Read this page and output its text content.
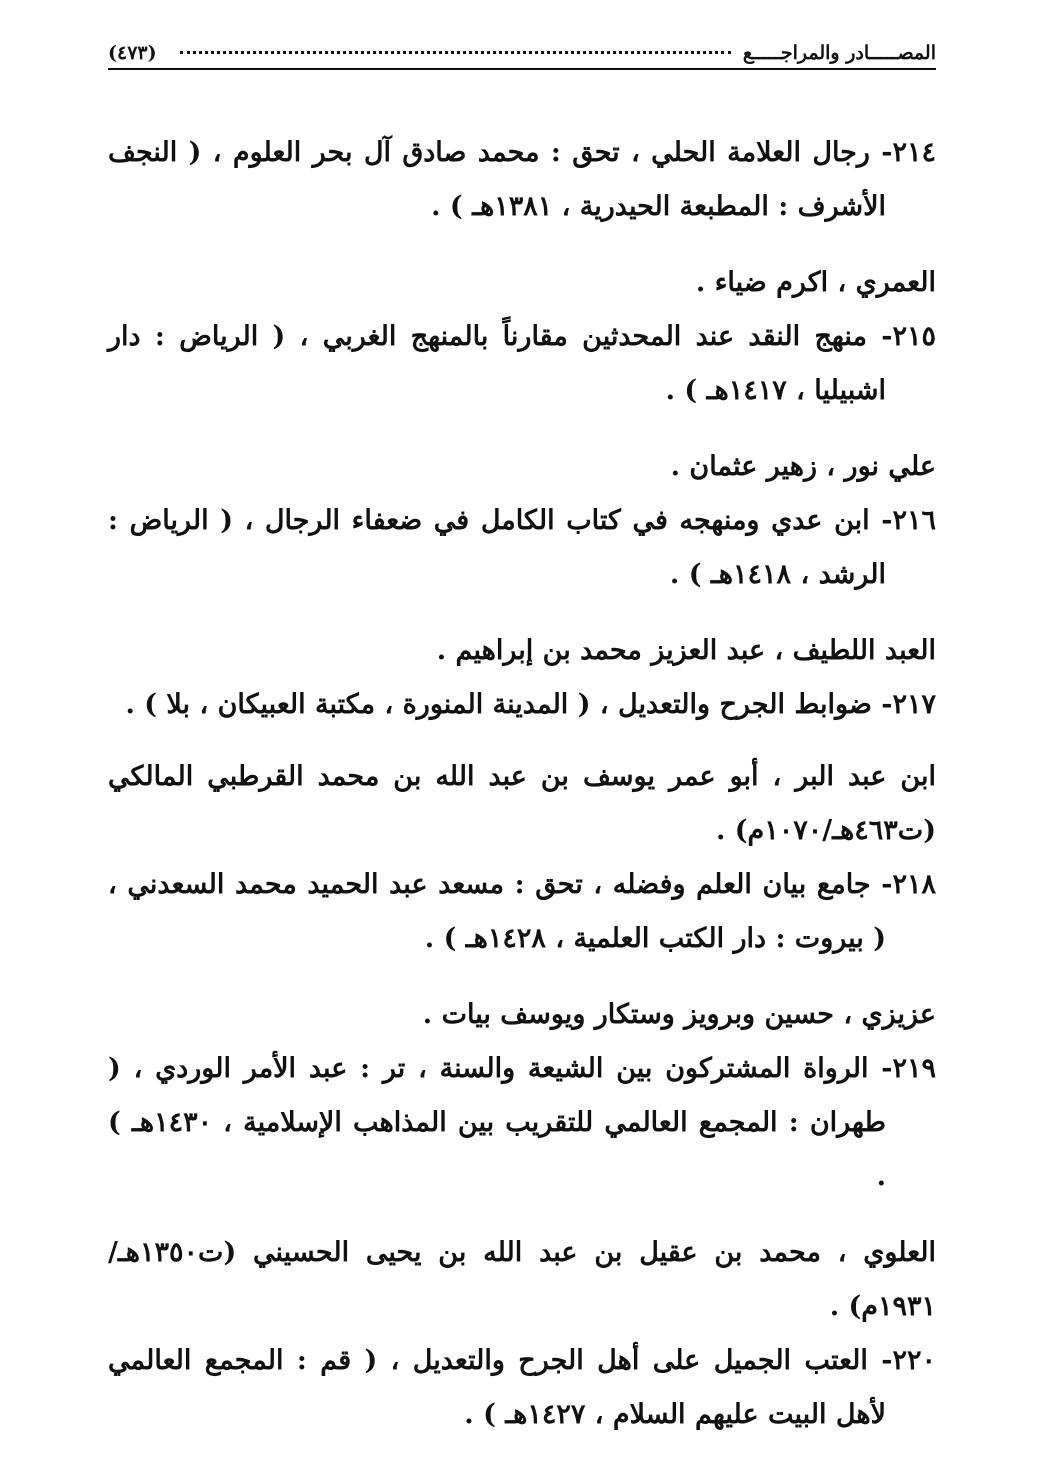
المصـــــادر والمراجـــــع
(٤٧٣)

٢١٤- رجال العلامة الحلي ، تحق : محمد صادق آل بحر العلوم ، ( النجف الأشرف : المطبعة الحيدرية ، ١٣٨١هـ ) .

العمري ، اكرم ضياء .

٢١٥- منهج النقد عند المحدثين مقارناً بالمنهج الغربي ، ( الرياض : دار اشبيليا ، ١٤١٧هـ ) .

علي نور ، زهير عثمان .

٢١٦- ابن عدي ومنهجه في كتاب الكامل في ضعفاء الرجال ، ( الرياض : الرشد ، ١٤١٨هـ ) .

العبد اللطيف ، عبد العزيز محمد بن إبراهيم .

٢١٧- ضوابط الجرح والتعديل ، ( المدينة المنورة ، مكتبة العبيكان ، بلا ) .

ابن عبد البر ، أبو عمر يوسف بن عبد الله بن محمد القرطبي المالكي (ت٤٦٣هـ/١٠٧٠م) .

٢١٨- جامع بيان العلم وفضله ، تحق : مسعد عبد الحميد محمد السعدني ، ( بيروت : دار الكتب العلمية ، ١٤٢٨هـ ) .

عزيزي ، حسين وبرويز وستكار ويوسف بيات .

٢١٩- الرواة المشتركون بين الشيعة والسنة ، تر : عبد الأمر الوردي ، ( طهران : المجمع العالمي للتقريب بين المذاهب الإسلامية ، ١٤٣٠هـ ) .

العلوي ، محمد بن عقيل بن عبد الله بن يحيى الحسيني (ت١٣٥٠هـ/١٩٣١م) .

٢٢٠- العتب الجميل على أهل الجرح والتعديل ، ( قم : المجمع العالمي لأهل البيت عليهم السلام ، ١٤٢٧هـ ) .
